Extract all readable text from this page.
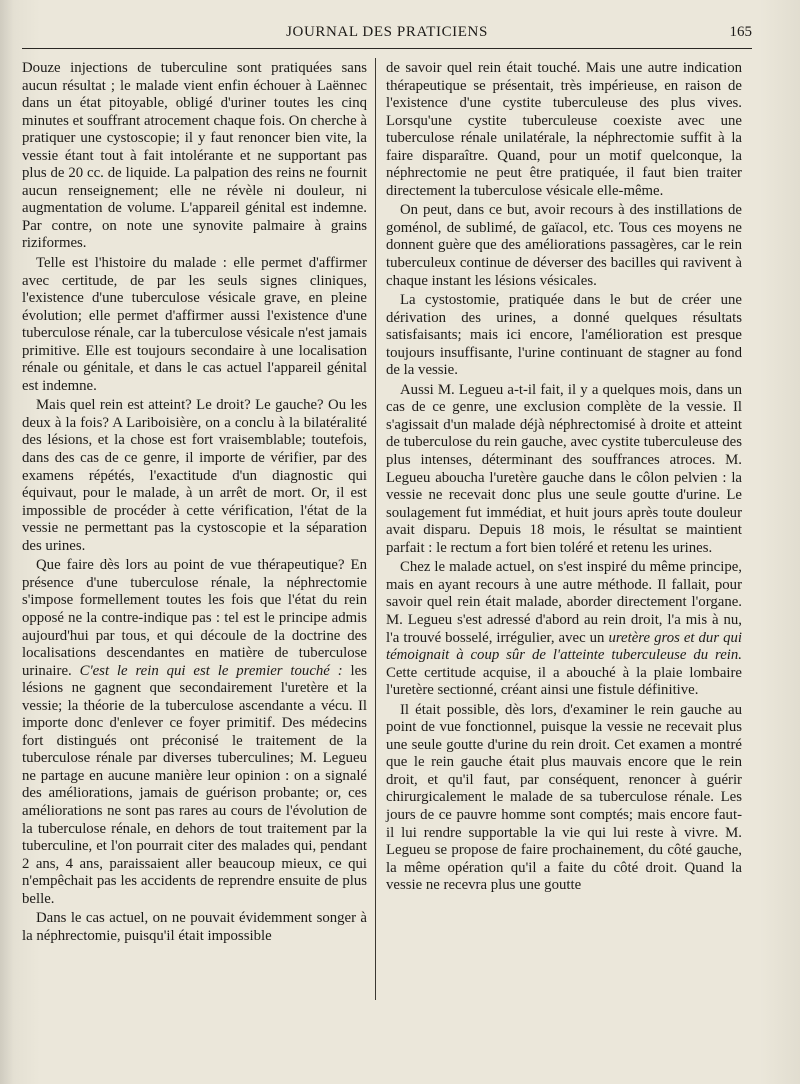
JOURNAL DES PRATICIENS	165

Douze injections de tuberculine sont pratiquées sans aucun résultat ; le malade vient enfin échouer à Laënnec dans un état pitoyable, obligé d'uriner toutes les cinq minutes et souffrant atrocement chaque fois. On cherche à pratiquer une cystoscopie; il y faut renoncer bien vite, la vessie étant tout à fait intolérante et ne supportant pas plus de 20 cc. de liquide. La palpation des reins ne fournit aucun renseignement; elle ne révèle ni douleur, ni augmentation de volume. L'appareil génital est indemne. Par contre, on note une synovite palmaire à grains riziformes.

Telle est l'histoire du malade : elle permet d'affirmer avec certitude, de par les seuls signes cliniques, l'existence d'une tuberculose vésicale grave, en pleine évolution; elle permet d'affirmer aussi l'existence d'une tuberculose rénale, car la tuberculose vésicale n'est jamais primitive. Elle est toujours secondaire à une localisation rénale ou génitale, et dans le cas actuel l'appareil génital est indemne.

Mais quel rein est atteint? Le droit? Le gauche? Ou les deux à la fois? A Lariboisière, on a conclu à la bilatéralité des lésions, et la chose est fort vraisemblable; toutefois, dans des cas de ce genre, il importe de vérifier, par des examens répétés, l'exactitude d'un diagnostic qui équivaut, pour le malade, à un arrêt de mort. Or, il est impossible de procéder à cette vérification, l'état de la vessie ne permettant pas la cystoscopie et la séparation des urines.

Que faire dès lors au point de vue thérapeutique? En présence d'une tuberculose rénale, la néphrectomie s'impose formellement toutes les fois que l'état du rein opposé ne la contre-indique pas : tel est le principe admis aujourd'hui par tous, et qui découle de la doctrine des localisations descendantes en matière de tuberculose urinaire. C'est le rein qui est le premier touché : les lésions ne gagnent que secondairement l'uretère et la vessie; la théorie de la tuberculose ascendante a vécu. Il importe donc d'enlever ce foyer primitif. Des médecins fort distingués ont préconisé le traitement de la tuberculose rénale par diverses tuberculines; M. Legueu ne partage en aucune manière leur opinion : on a signalé des améliorations, jamais de guérison probante; or, ces améliorations ne sont pas rares au cours de l'évolution de la tuberculose rénale, en dehors de tout traitement par la tuberculine, et l'on pourrait citer des malades qui, pendant 2 ans, 4 ans, paraissaient aller beaucoup mieux, ce qui n'empêchait pas les accidents de reprendre ensuite de plus belle.

Dans le cas actuel, on ne pouvait évidemment songer à la néphrectomie, puisqu'il était impossible

de savoir quel rein était touché. Mais une autre indication thérapeutique se présentait, très impérieuse, en raison de l'existence d'une cystite tuberculeuse des plus vives. Lorsqu'une cystite tuberculeuse coexiste avec une tuberculose rénale unilatérale, la néphrectomie suffit à la faire disparaître. Quand, pour un motif quelconque, la néphrectomie ne peut être pratiquée, il faut bien traiter directement la tuberculose vésicale elle-même.

On peut, dans ce but, avoir recours à des instillations de goménol, de sublimé, de gaïacol, etc. Tous ces moyens ne donnent guère que des améliorations passagères, car le rein tuberculeux continue de déverser des bacilles qui ravivent à chaque instant les lésions vésicales.

La cystostomie, pratiquée dans le but de créer une dérivation des urines, a donné quelques résultats satisfaisants; mais ici encore, l'amélioration est presque toujours insuffisante, l'urine continuant de stagner au fond de la vessie.

Aussi M. Legueu a-t-il fait, il y a quelques mois, dans un cas de ce genre, une exclusion complète de la vessie. Il s'agissait d'un malade déjà néphrectomisé à droite et atteint de tuberculose du rein gauche, avec cystite tuberculeuse des plus intenses, déterminant des souffrances atroces. M. Legueu aboucha l'uretère gauche dans le côlon pelvien : la vessie ne recevait donc plus une seule goutte d'urine. Le soulagement fut immédiat, et huit jours après toute douleur avait disparu. Depuis 18 mois, le résultat se maintient parfait : le rectum a fort bien toléré et retenu les urines.

Chez le malade actuel, on s'est inspiré du même principe, mais en ayant recours à une autre méthode. Il fallait, pour savoir quel rein était malade, aborder directement l'organe. M. Legueu s'est adressé d'abord au rein droit, l'a mis à nu, l'a trouvé bosselé, irrégulier, avec un uretère gros et dur qui témoignait à coup sûr de l'atteinte tuberculeuse du rein. Cette certitude acquise, il a abouché à la plaie lombaire l'uretère sectionné, créant ainsi une fistule définitive.

Il était possible, dès lors, d'examiner le rein gauche au point de vue fonctionnel, puisque la vessie ne recevait plus une seule goutte d'urine du rein droit. Cet examen a montré que le rein gauche était plus mauvais encore que le rein droit, et qu'il faut, par conséquent, renoncer à guérir chirurgicalement le malade de sa tuberculose rénale. Les jours de ce pauvre homme sont comptés; mais encore faut-il lui rendre supportable la vie qui lui reste à vivre. M. Legueu se propose de faire prochainement, du côté gauche, la même opération qu'il a faite du côté droit. Quand la vessie ne recevra plus une goutte
